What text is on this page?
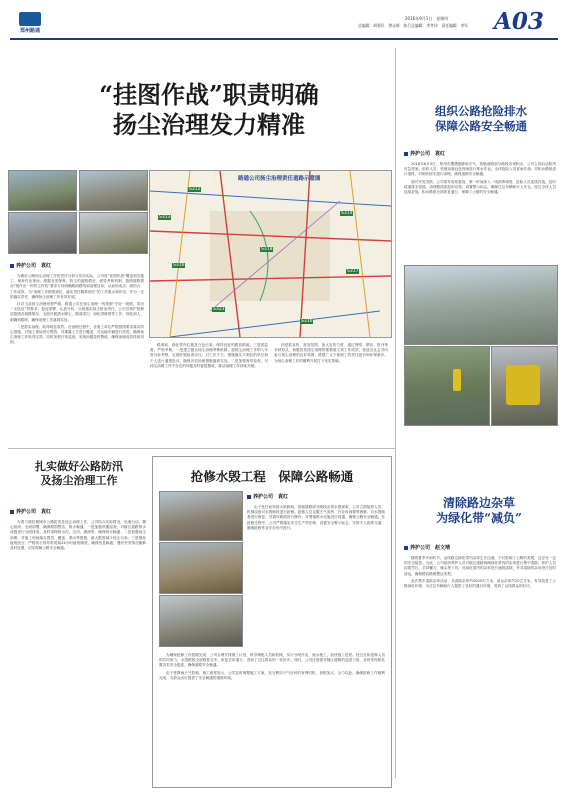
郑州路通
2016年9月1日　星期四
总编辑：胡勇民　徐永辉　执行总编辑：李孝伟　责任编辑：李军 A03
“挂图作战”职责明确
扬尘治理发力精准
路通公司扬尘治理责任道路示意图
S312
S313
S314
S316
S317
S318
S323
S316
养护公司　袁红

为做好公路扬尘治理工作的责任分析与布局实际，公司将“挂图作战”覆盖到各施工、保养作业现场，根据各类保养、防尘的道路情况，借导考核机制，按照道路情况“就作出一份防尘作档”要求方向明确路段路线和治理目标，从而形成点、面结合、工作成效，为“治理工作精准到位，落实责任精准到位”的工作重点和作用，作为一定的落实责任，确保扬尘治理工作有效开展。

针对当前扬尘治理形势严峻，路通公司在扬尘治理一线按照“守好一段路，带出一支队伍”的要求，提前部署，认真分析，分段落实扬尘防治责任，公司各养护管理站按照各段路情况，全面开展洒水降尘、路面清扫、绿化带修剪等工作，细化到人，明确到路段，确保治理工作落到实处。

二是抓实治理，取得明显成效。在治理过程中，各施工单位严格按照要求落实防尘措施，对施工现场进行围挡，对裸露土方进行覆盖，对运输车辆进行冲洗，确保扬尘治理工作取得实效。同时加强日常巡查，发现问题及时整改，确保治理成效持续巩固。

路面积、绿化带内垃圾及白色污染，保持良好的路容路貌。三是抓监督，严格考核。一是建立健全扬尘治理考核机制，将扬尘治理工作纳入年度目标考核，定期开展检查评比，对工作不力、措施落实不到位的单位和个人进行通报批评，确保各项治理措施落到实处。二是加强督导检查，对扬尘治理工作中存在的问题及时督促整改，推动治理工作持续开展。

四是抓宣传，营造氛围。加大宣传力度，通过网络、微信、报刊等多种形式，积极宣传扬尘治理的重要意义和工作成效，营造全社会共同参与扬尘治理的良好氛围，增强广大干部职工的责任意识和环保意识，为扬尘治理工作的顺利开展打下坚实基础。

组织公路抢险排水
保障公路安全畅通
养护公司　袁红

2016年8月5日，郑州市遭遇强降雨天气，管辖道路部分路段出现积水，公司立即启动防汛应急预案，组织人员、机械设备赶赴现场进行排水作业。全体抢险人员冒雨作战，对积水路段进行抽排，对倒伏树木进行清理，确保道路安全畅通。

面对突发汛情，公司领导高度重视，第一时间深入一线指挥调度，抢险人员连续作战，及时疏通排水管道，清理路面淤泥和杂物，设置警示标志，确保过往车辆和行人安全。经过全体人员连续奋战，积水路段全部恢复通行，保障了公路的安全畅通。

扎实做好公路防汛
及扬尘治理工作
养护公司　袁红

为着力做好做城市公路防汛及扬尘治理工作，公司结合实际情况，迅速行动，精心组织，全面部署，确保路面整洁、排水畅通。一是加强汛期巡查，对辖区道路排水设施进行全面排查，及时清理排水沟、边沟、涵洞等，确保排水畅通；二是加强扬尘治理，对施工现场落实围挡、覆盖、洒水等措施，最大限度减少扬尘污染；三是强化值班值守，严格执行领导带班和24小时值班制度，确保信息畅通，遇有突发情况能够及时处置，切实保障公路安全畅通。

抢修水毁工程　保障公路畅通
养护公司　袁红

由于受日前持续大雨影响，管辖道路部分路段出现水毁现象，公司立即组织人员、机械设备对水毁路段进行抢修。抢修人员克服天气炎热、作业时间紧等困难，对水毁路基进行修复，对损坏路面进行修补，对堵塞排水设施进行疏通，确保公路安全畅通。在抢修过程中，公司严格落实安全生产责任制，设置安全警示标志，安排专人指挥交通，确保抢修作业安全有序进行。

为确保抢修工作按期完成，公司合理安排施工计划，科学调配人员和机械，实行分段作业、流水施工，加快施工进度。经过全体抢修人员的共同努力，水毁路段全部修复完毕，恢复正常通行，得到了过往群众的一致好评。同时，公司还加强对辖区道路的巡查力度，及时发现和处置各类安全隐患，确保道路安全畅通。

由于受降雨天气影响，施工难度较大，公司及时调整施工方案，充分利用天气好转的有利时机，加班加点，全力以赴，确保抢修工作顺利完成，为群众出行提供了安全畅通的道路环境。

清除路边杂草
为绿化带“减负”
养护公司　赵文靖

随着夏季多雨时节，沿线路边绿化带内杂草生长迅速，不仅影响了公路的美观，还存在一定的安全隐患。为此，公司组织养护人员对辖区道路两侧绿化带内的杂草进行集中清除。养护人员顶着烈日，手持镰刀、锄头等工具，对绿化带内的杂草进行逐段清除，并对清除的杂草进行及时清运，确保路容路貌整洁美观。

此次集中清除杂草活动，共清除杂草约5000平方米，清运杂草约20立方米，有效改善了公路绿化环境，为过往车辆和行人提供了良好的通行环境，受到了沿线群众的好评。
